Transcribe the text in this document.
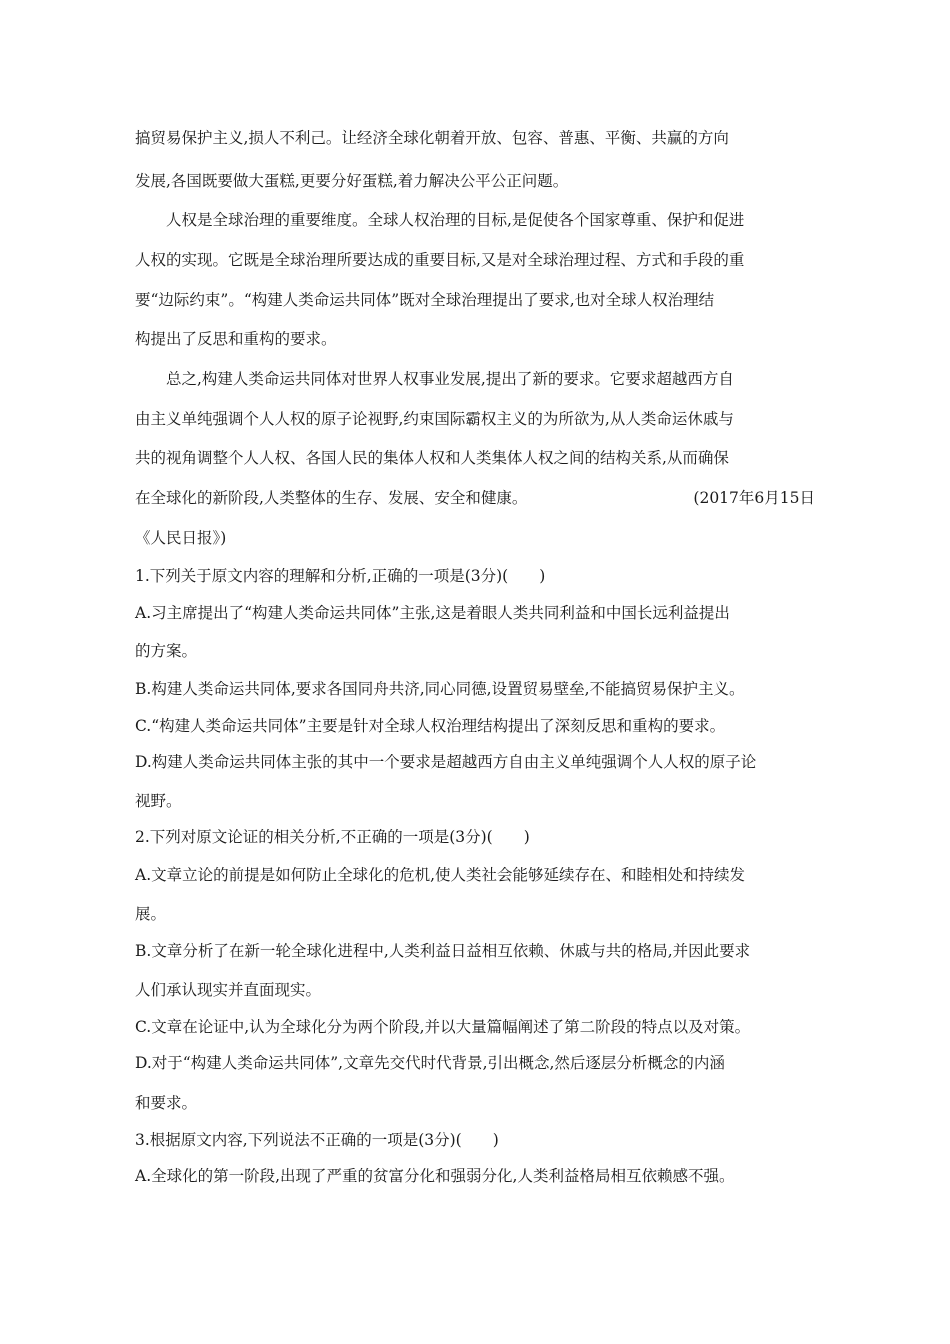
搞贸易保护主义,损人不利己。让经济全球化朝着开放、包容、普惠、平衡、共赢的方向
发展,各国既要做大蛋糕,更要分好蛋糕,着力解决公平公正问题。
人权是全球治理的重要维度。全球人权治理的目标,是促使各个国家尊重、保护和促进
人权的实现。它既是全球治理所要达成的重要目标,又是对全球治理过程、方式和手段的重
要“边际约束”。“构建人类命运共同体”既对全球治理提出了要求,也对全球人权治理结
构提出了反思和重构的要求。
总之,构建人类命运共同体对世界人权事业发展,提出了新的要求。它要求超越西方自
由主义单纯强调个人人权的原子论视野,约束国际霸权主义的为所欲为,从人类命运休戚与
共的视角调整个人人权、各国人民的集体人权和人类集体人权之间的结构关系,从而确保
在全球化的新阶段,人类整体的生存、发展、安全和健康。	(2017年6月15日
《人民日报》)
1.下列关于原文内容的理解和分析,正确的一项是(3分)(　　)
A.习主席提出了“构建人类命运共同体”主张,这是着眼人类共同利益和中国长远利益提出
的方案。
B.构建人类命运共同体,要求各国同舟共济,同心同德,设置贸易壁垒,不能搞贸易保护主义。
C.“构建人类命运共同体”主要是针对全球人权治理结构提出了深刻反思和重构的要求。
D.构建人类命运共同体主张的其中一个要求是超越西方自由主义单纯强调个人人权的原子论
视野。
2.下列对原文论证的相关分析,不正确的一项是(3分)(　　)
A.文章立论的前提是如何防止全球化的危机,使人类社会能够延续存在、和睦相处和持续发
展。
B.文章分析了在新一轮全球化进程中,人类利益日益相互依赖、休戚与共的格局,并因此要求
人们承认现实并直面现实。
C.文章在论证中,认为全球化分为两个阶段,并以大量篇幅阐述了第二阶段的特点以及对策。
D.对于“构建人类命运共同体”,文章先交代时代背景,引出概念,然后逐层分析概念的内涵
和要求。
3.根据原文内容,下列说法不正确的一项是(3分)(　　)
A.全球化的第一阶段,出现了严重的贫富分化和强弱分化,人类利益格局相互依赖感不强。
